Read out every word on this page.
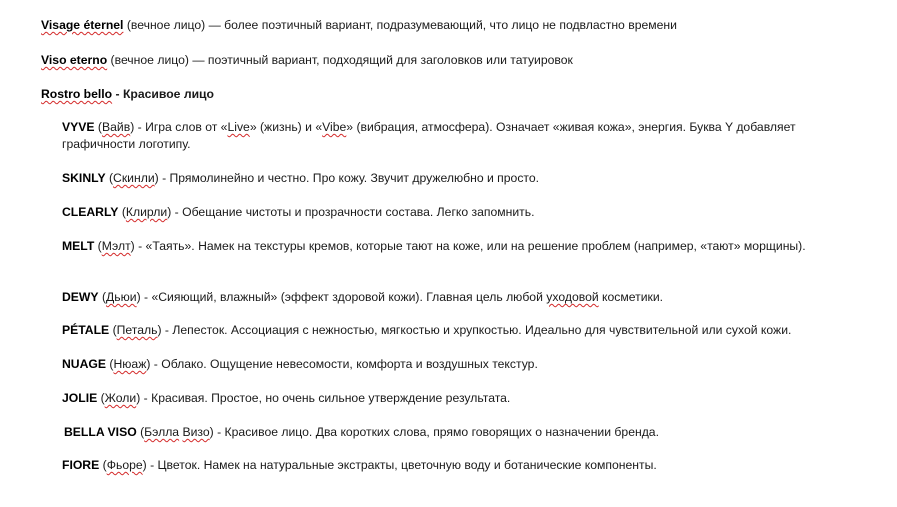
Visage éternel (вечное лицо) — более поэтичный вариант, подразумевающий, что лицо не подвластно времени
Viso eterno (вечное лицо) — поэтичный вариант, подходящий для заголовков или татуировок
Rostro bello - Красивое лицо
VYVE (Вайв) - Игра слов от «Live» (жизнь) и «Vibe» (вибрация, атмосфера). Означает «живая кожа», энергия. Буква Y добавляет графичности логотипу.
SKINLY (Скинли) - Прямолинейно и честно. Про кожу. Звучит дружелюбно и просто.
CLEARLY (Клирли) - Обещание чистоты и прозрачности состава. Легко запомнить.
MELT (Мэлт) - «Таять». Намек на текстуры кремов, которые тают на коже, или на решение проблем (например, «тают» морщины).
DEWY (Дьюи) - «Сияющий, влажный» (эффект здоровой кожи). Главная цель любой уходовой косметики.
PÉTALE (Петаль) - Лепесток. Ассоциация с нежностью, мягкостью и хрупкостью. Идеально для чувствительной или сухой кожи.
NUAGE (Нюаж) - Облако. Ощущение невесомости, комфорта и воздушных текстур.
JOLIE (Жоли) - Красивая. Простое, но очень сильное утверждение результата.
BELLA VISO (Бэлла Визо) - Красивое лицо. Два коротких слова, прямо говорящих о назначении бренда.
FIORE (Фьоре) - Цветок. Намек на натуральные экстракты, цветочную воду и ботанические компоненты.
